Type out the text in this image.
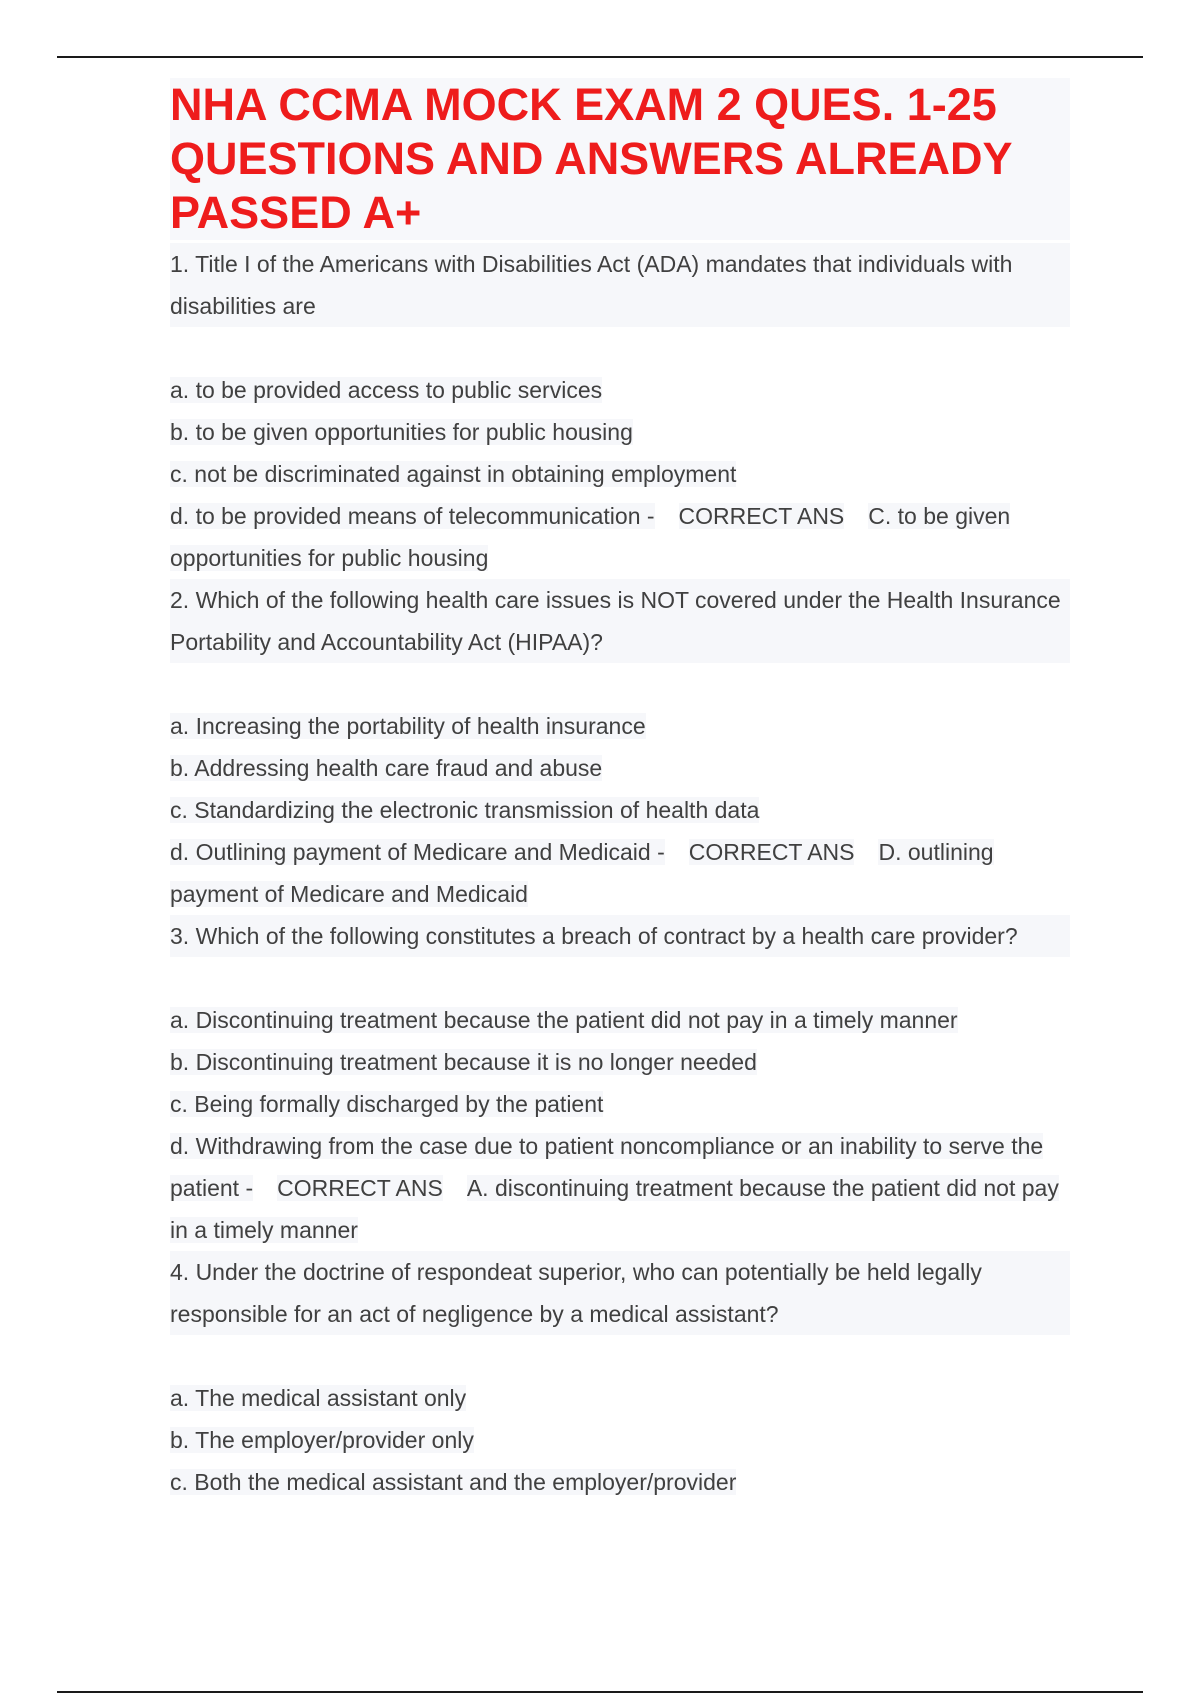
NHA CCMA MOCK EXAM 2 QUES. 1-25 QUESTIONS AND ANSWERS ALREADY PASSED A+
1. Title I of the Americans with Disabilities Act (ADA) mandates that individuals with disabilities are
a. to be provided access to public services
b. to be given opportunities for public housing
c. not be discriminated against in obtaining employment
d. to be provided means of telecommunication - CORRECT ANS C. to be given opportunities for public housing
2. Which of the following health care issues is NOT covered under the Health Insurance Portability and Accountability Act (HIPAA)?
a. Increasing the portability of health insurance
b. Addressing health care fraud and abuse
c. Standardizing the electronic transmission of health data
d. Outlining payment of Medicare and Medicaid - CORRECT ANS D. outlining payment of Medicare and Medicaid
3. Which of the following constitutes a breach of contract by a health care provider?
a. Discontinuing treatment because the patient did not pay in a timely manner
b. Discontinuing treatment because it is no longer needed
c. Being formally discharged by the patient
d. Withdrawing from the case due to patient noncompliance or an inability to serve the patient - CORRECT ANS A. discontinuing treatment because the patient did not pay in a timely manner
4. Under the doctrine of respondeat superior, who can potentially be held legally responsible for an act of negligence by a medical assistant?
a. The medical assistant only
b. The employer/provider only
c. Both the medical assistant and the employer/provider
